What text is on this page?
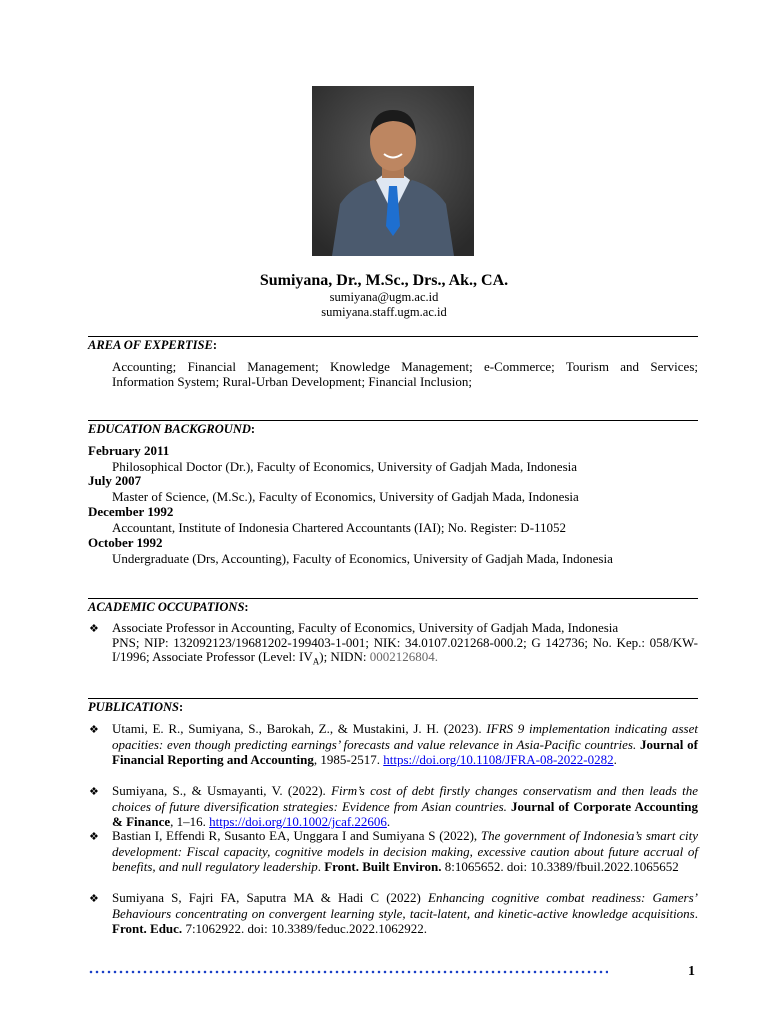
Sumiyana, Dr., M.Sc., Drs., Ak., CA.
sumiyana@ugm.ac.id
sumiyana.staff.ugm.ac.id
AREA OF EXPERTISE:
Accounting; Financial Management; Knowledge Management; e-Commerce; Tourism and Services; Information System; Rural-Urban Development; Financial Inclusion;
EDUCATION BACKGROUND:
February 2011
Philosophical Doctor (Dr.), Faculty of Economics, University of Gadjah Mada, Indonesia
July 2007
Master of Science, (M.Sc.), Faculty of Economics, University of Gadjah Mada, Indonesia
December 1992
Accountant, Institute of Indonesia Chartered Accountants (IAI); No. Register: D-11052
October 1992
Undergraduate (Drs, Accounting), Faculty of Economics, University of Gadjah Mada, Indonesia
ACADEMIC OCCUPATIONS:
❖ Associate Professor in Accounting, Faculty of Economics, University of Gadjah Mada, Indonesia
PNS; NIP: 132092123/19681202-199403-1-001; NIK: 34.0107.021268-000.2; G 142736; No. Kep.: 058/KW-I/1996; Associate Professor (Level: $IV_A$); NIDN: 0002126804.
PUBLICATIONS:
❖ Utami, E. R., Sumiyana, S., Barokah, Z., & Mustakini, J. H. (2023). IFRS 9 implementation indicating asset opacities: even though predicting earnings’ forecasts and value relevance in Asia-Pacific countries. Journal of Financial Reporting and Accounting, 1985-2517. https://doi.org/10.1108/JFRA-08-2022-0282.
❖ Sumiyana, S., & Usmayanti, V. (2022). Firm’s cost of debt firstly changes conservatism and then leads the choices of future diversification strategies: Evidence from Asian countries. Journal of Corporate Accounting & Finance, 1–16. https://doi.org/10.1002/jcaf.22606.
❖ Bastian I, Effendi R, Susanto EA, Unggara I and Sumiyana S (2022), The government of Indonesia’s smart city development: Fiscal capacity, cognitive models in decision making, excessive caution about future accrual of benefits, and null regulatory leadership. Front. Built Environ. 8:1065652. doi: 10.3389/fbuil.2022.1065652
❖ Sumiyana S, Fajri FA, Saputra MA & Hadi C (2022) Enhancing cognitive combat readiness: Gamers’ Behaviours concentrating on convergent learning style, tacit-latent, and kinetic-active knowledge acquisitions. Front. Educ. 7:1062922. doi: 10.3389/feduc.2022.1062922.
1
